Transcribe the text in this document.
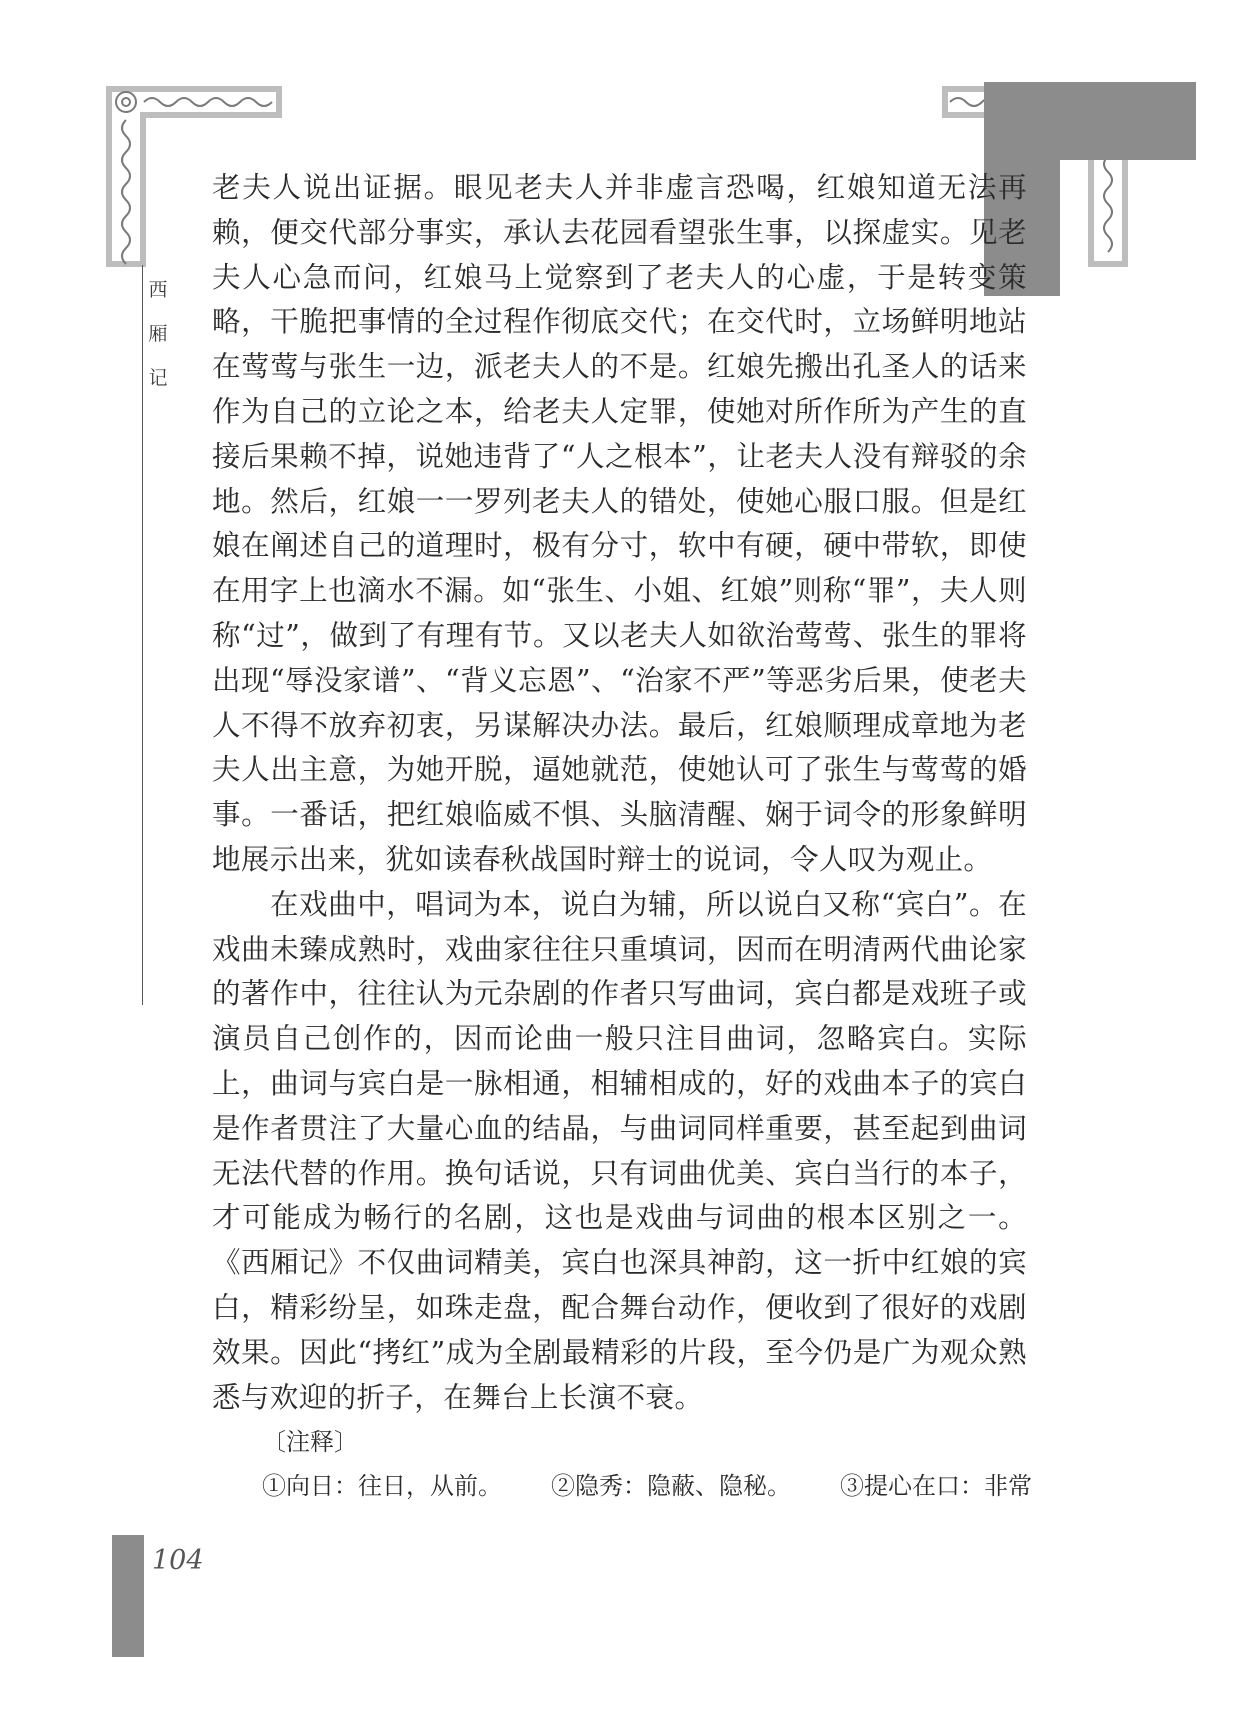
西
厢
记

老夫人说出证据。眼见老夫人并非虚言恐喝，红娘知道无法再赖，便交代部分事实，承认去花园看望张生事，以探虚实。见老夫人心急而问，红娘马上觉察到了老夫人的心虚，于是转变策略，干脆把事情的全过程作彻底交代；在交代时，立场鲜明地站在莺莺与张生一边，派老夫人的不是。红娘先搬出孔圣人的话来作为自己的立论之本，给老夫人定罪，使她对所作所为产生的直接后果赖不掉，说她违背了“人之根本”，让老夫人没有辩驳的余地。然后，红娘一一罗列老夫人的错处，使她心服口服。但是红娘在阐述自己的道理时，极有分寸，软中有硬，硬中带软，即使在用字上也滴水不漏。如“张生、小姐、红娘”则称“罪”，夫人则称“过”，做到了有理有节。又以老夫人如欲治莺莺、张生的罪将出现“辱没家谱”、“背义忘恩”、“治家不严”等恶劣后果，使老夫人不得不放弃初衷，另谋解决办法。最后，红娘顺理成章地为老夫人出主意，为她开脱，逼她就范，使她认可了张生与莺莺的婚事。一番话，把红娘临威不惧、头脑清醒、娴于词令的形象鲜明地展示出来，犹如读春秋战国时辩士的说词，令人叹为观止。

在戏曲中，唱词为本，说白为辅，所以说白又称“宾白”。在戏曲未臻成熟时，戏曲家往往只重填词，因而在明清两代曲论家的著作中，往往认为元杂剧的作者只写曲词，宾白都是戏班子或演员自己创作的，因而论曲一般只注目曲词，忽略宾白。实际上，曲词与宾白是一脉相通，相辅相成的，好的戏曲本子的宾白是作者贯注了大量心血的结晶，与曲词同样重要，甚至起到曲词无法代替的作用。换句话说，只有词曲优美、宾白当行的本子，才可能成为畅行的名剧，这也是戏曲与词曲的根本区别之一。《西厢记》不仅曲词精美，宾白也深具神韵，这一折中红娘的宾白，精彩纷呈，如珠走盘，配合舞台动作，便收到了很好的戏剧效果。因此“拷红”成为全剧最精彩的片段，至今仍是广为观众熟悉与欢迎的折子，在舞台上长演不衰。

〔注释〕
①向日：往日，从前。 ②隐秀：隐蔽、隐秘。 ③提心在口：非常
104
